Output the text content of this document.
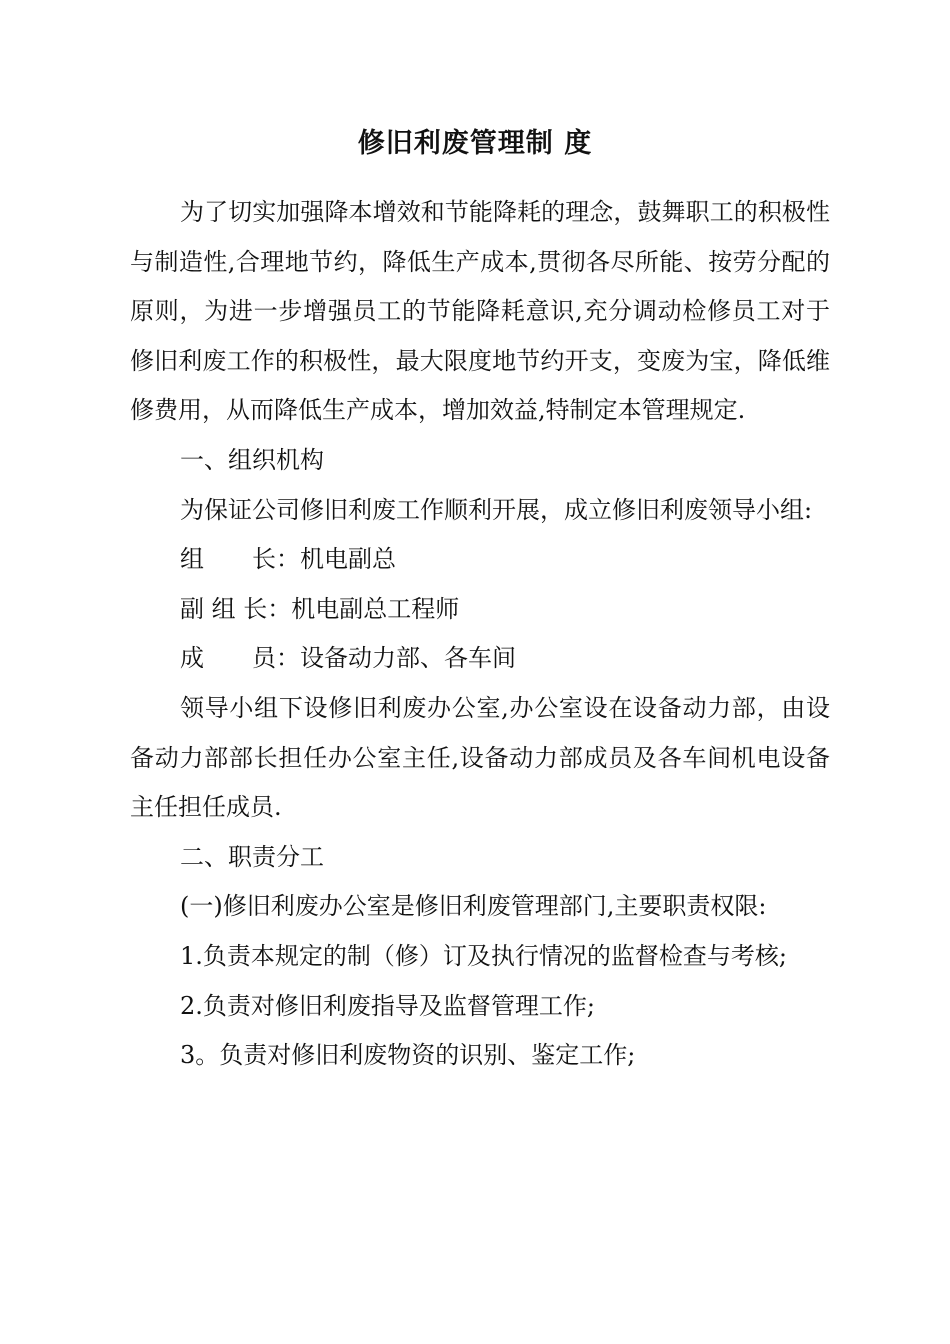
修旧利废管理制 度

为了切实加强降本增效和节能降耗的理念，鼓舞职工的积极性与制造性,合理地节约，降低生产成本,贯彻各尽所能、按劳分配的原则，为进一步增强员工的节能降耗意识,充分调动检修员工对于修旧利废工作的积极性，最大限度地节约开支，变废为宝，降低维修费用，从而降低生产成本，增加效益,特制定本管理规定.

一、组织机构

为保证公司修旧利废工作顺利开展，成立修旧利废领导小组:

组　　长：机电副总

副 组 长：机电副总工程师

成　　员：设备动力部、各车间

领导小组下设修旧利废办公室,办公室设在设备动力部，由设备动力部部长担任办公室主任,设备动力部成员及各车间机电设备主任担任成员.

二、职责分工

(一)修旧利废办公室是修旧利废管理部门,主要职责权限:

1.负责本规定的制（修）订及执行情况的监督检查与考核;

2.负责对修旧利废指导及监督管理工作;

3。负责对修旧利废物资的识别、鉴定工作;
